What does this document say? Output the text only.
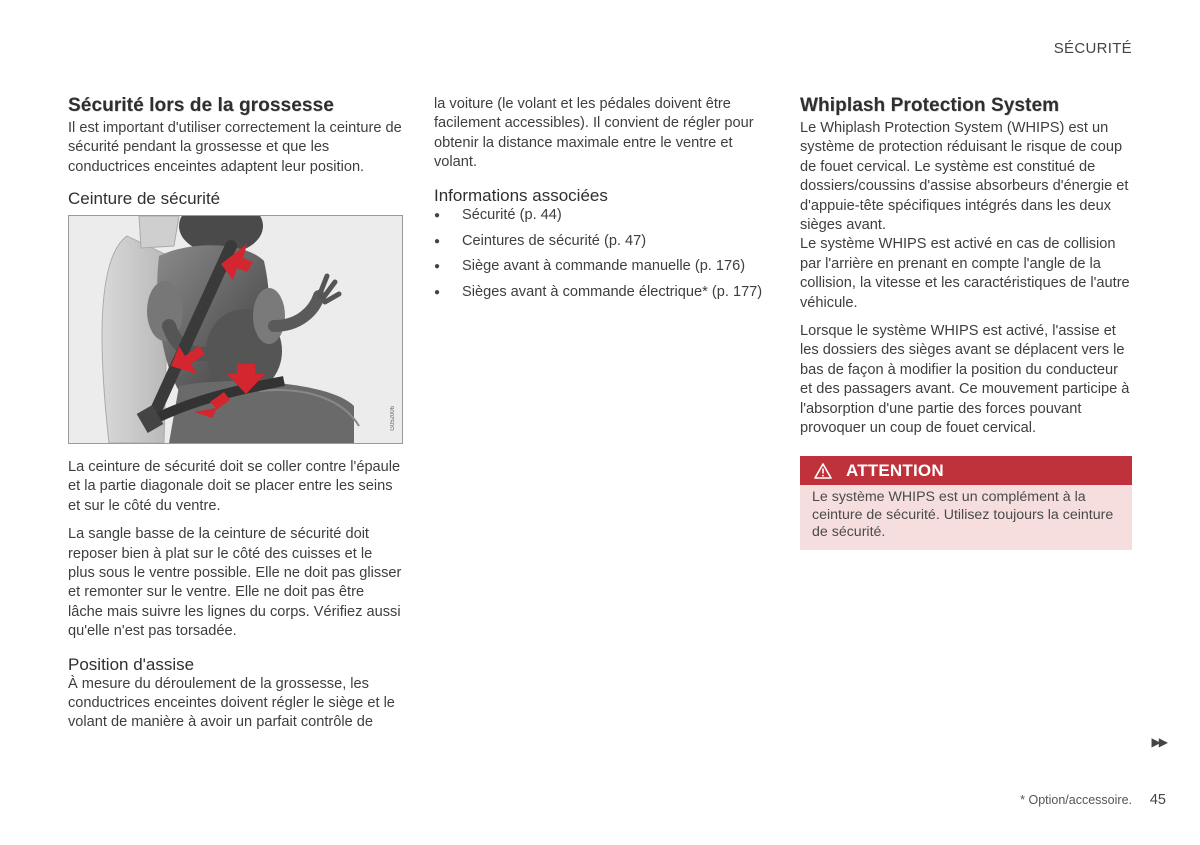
SÉCURITÉ
Sécurité lors de la grossesse

Il est important d'utiliser correctement la ceinture de sécurité pendant la grossesse et que les conductrices enceintes adaptent leur position.

Ceinture de sécurité
G052006

La ceinture de sécurité doit se coller contre l'épaule et la partie diagonale doit se placer entre les seins et sur le côté du ventre.

La sangle basse de la ceinture de sécurité doit reposer bien à plat sur le côté des cuisses et le plus sous le ventre possible. Elle ne doit pas glisser et remonter sur le ventre. Elle ne doit pas être lâche mais suivre les lignes du corps. Vérifiez aussi qu'elle n'est pas torsadée.

Position d'assise

À mesure du déroulement de la grossesse, les conductrices enceintes doivent régler le siège et le volant de manière à avoir un parfait contrôle de

la voiture (le volant et les pédales doivent être facilement accessibles). Il convient de régler pour obtenir la distance maximale entre le ventre et volant.

Informations associées
● Sécurité (p. 44)
● Ceintures de sécurité (p. 47)
● Siège avant à commande manuelle (p. 176)
● Sièges avant à commande électrique* (p. 177)
Whiplash Protection System

Le Whiplash Protection System (WHIPS) est un système de protection réduisant le risque de coup de fouet cervical. Le système est constitué de dossiers/coussins d'assise absorbeurs d'énergie et d'appuie-tête spécifiques intégrés dans les deux sièges avant.

Le système WHIPS est activé en cas de collision par l'arrière en prenant en compte l'angle de la collision, la vitesse et les caractéristiques de l'autre véhicule.

Lorsque le système WHIPS est activé, l'assise et les dossiers des sièges avant se déplacent vers le bas de façon à modifier la position du conducteur et des passagers avant. Ce mouvement participe à l'absorption d'une partie des forces pouvant provoquer un coup de fouet cervical.

ATTENTION
Le système WHIPS est un complément à la ceinture de sécurité. Utilisez toujours la ceinture de sécurité.
▶▶
* Option/accessoire. 45
